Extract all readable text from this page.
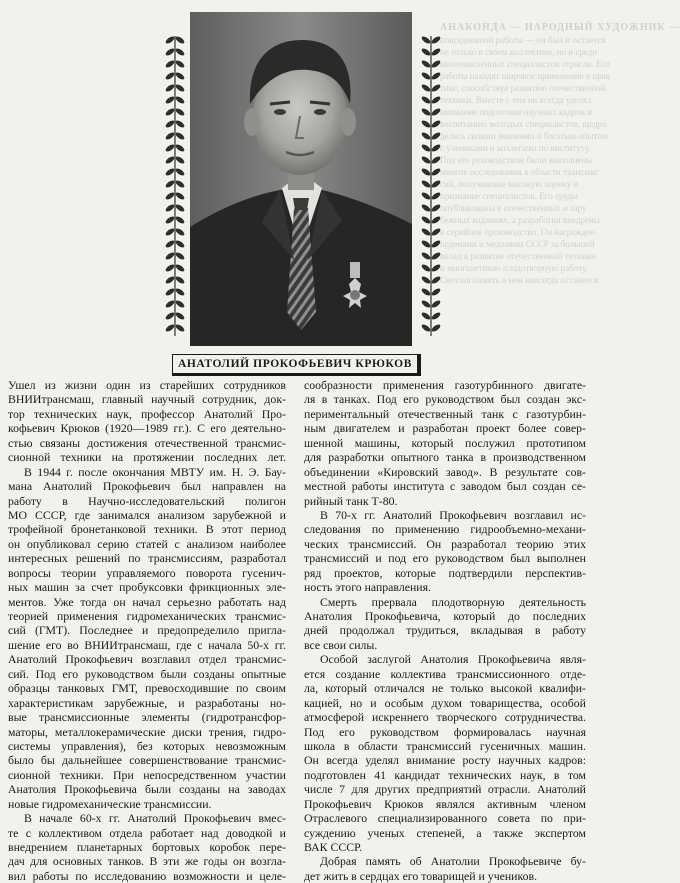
АНАКОНДА — НАРОДНЫЙ ХУДОЖНИК —
повседневной работы — он был и остается
не только в своем коллективе, но и среди
многочисленных специалистов отрасли. Его
работы находят широкое применение в прак
тике, способствуя развитию отечественной
техники. Вместе с тем он всегда уделял
внимание подготовке научных кадров и
воспитанию молодых специалистов, щедро
делясь своими знаниями и богатым опытом
с учениками и коллегами по институту.
Под его руководством были выполнены
многие исследования в области трансмис
сий, получившие высокую оценку и
признание специалистов. Его труды
опубликованы в отечественных и зару
бежных изданиях, а разработки внедрены
в серийное производство. Он награжден
орденами и медалями СССР за большой
вклад в развитие отечественной техники
и многолетнюю плодотворную работу.
Светлая память о нем навсегда останется
АНАТОЛИЙ ПРОКОФЬЕВИЧ КРЮКОВ
Ушел из жизни один из старейших сотрудников
ВНИИтрансмаш, главный научный сотрудник, док-
тор технических наук, профессор Анатолий Про-
кофьевич Крюков (1920—1989 гг.). С его деятельно-
стью связаны достижения отечественной трансмис-
сионной техники на протяжении последних лет.
В 1944 г. после окончания МВТУ им. Н. Э. Бау-
мана Анатолий Прокофьевич был направлен на
работу в Научно-исследовательский полигон
МО СССР, где занимался анализом зарубежной и
трофейной бронетанковой техники. В этот период
он опубликовал серию статей с анализом наиболее
интересных решений по трансмиссиям, разработал
вопросы теории управляемого поворота гусенич-
ных машин за счет пробуксовки фрикционных эле-
ментов. Уже тогда он начал серьезно работать над
теорией применения гидромеханических трансмис-
сий (ГМТ). Последнее и предопределило пригла-
шение его во ВНИИтрансмаш, где с начала 50-х гг.
Анатолий Прокофьевич возглавил отдел трансмис-
сий. Под его руководством были созданы опытные
образцы танковых ГМТ, превосходившие по своим
характеристикам зарубежные, и разработаны но-
вые трансмиссионные элементы (гидротрансфор-
маторы, металлокерамические диски трения, гидро-
системы управления), без которых невозможным
было бы дальнейшее совершенствование трансмис-
сионной техники. При непосредственном участии
Анатолия Прокофьевича были созданы на заводах
новые гидромеханические трансмиссии.
В начале 60-х гг. Анатолий Прокофьевич вмес-
те с коллективом отдела работает над доводкой и
внедрением планетарных бортовых коробок пере-
дач для основных танков. В эти же годы он возгла-
вил работы по исследованию возможности и целе-
сообразности применения газотурбинного двигате-
ля в танках. Под его руководством был создан экс-
периментальный отечественный танк с газотурбин-
ным двигателем и разработан проект более совер-
шенной машины, который послужил прототипом
для разработки опытного танка в производственном
объединении «Кировский завод». В результате сов-
местной работы института с заводом был создан се-
рийный танк Т-80.
В 70-х гг. Анатолий Прокофьевич возглавил ис-
следования по применению гидрообъемно-механи-
ческих трансмиссий. Он разработал теорию этих
трансмиссий и под его руководством был выполнен
ряд проектов, которые подтвердили перспектив-
ность этого направления.
Смерть прервала плодотворную деятельность
Анатолия Прокофьевича, который до последних
дней продолжал трудиться, вкладывая в работу
все свои силы.
Особой заслугой Анатолия Прокофьевича явля-
ется создание коллектива трансмиссионного отде-
ла, который отличался не только высокой квалифи-
кацией, но и особым духом товарищества, особой
атмосферой искреннего творческого сотрудничества.
Под его руководством формировалась научная
школа в области трансмиссий гусеничных машин.
Он всегда уделял внимание росту научных кадров:
подготовлен 41 кандидат технических наук, в том
числе 7 для других предприятий отрасли. Анатолий
Прокофьевич Крюков являлся активным членом
Отраслевого специализированного совета по при-
суждению ученых степеней, а также экспертом
ВАК СССР.
Добрая память об Анатолии Прокофьевиче бу-
дет жить в сердцах его товарищей и учеников.
